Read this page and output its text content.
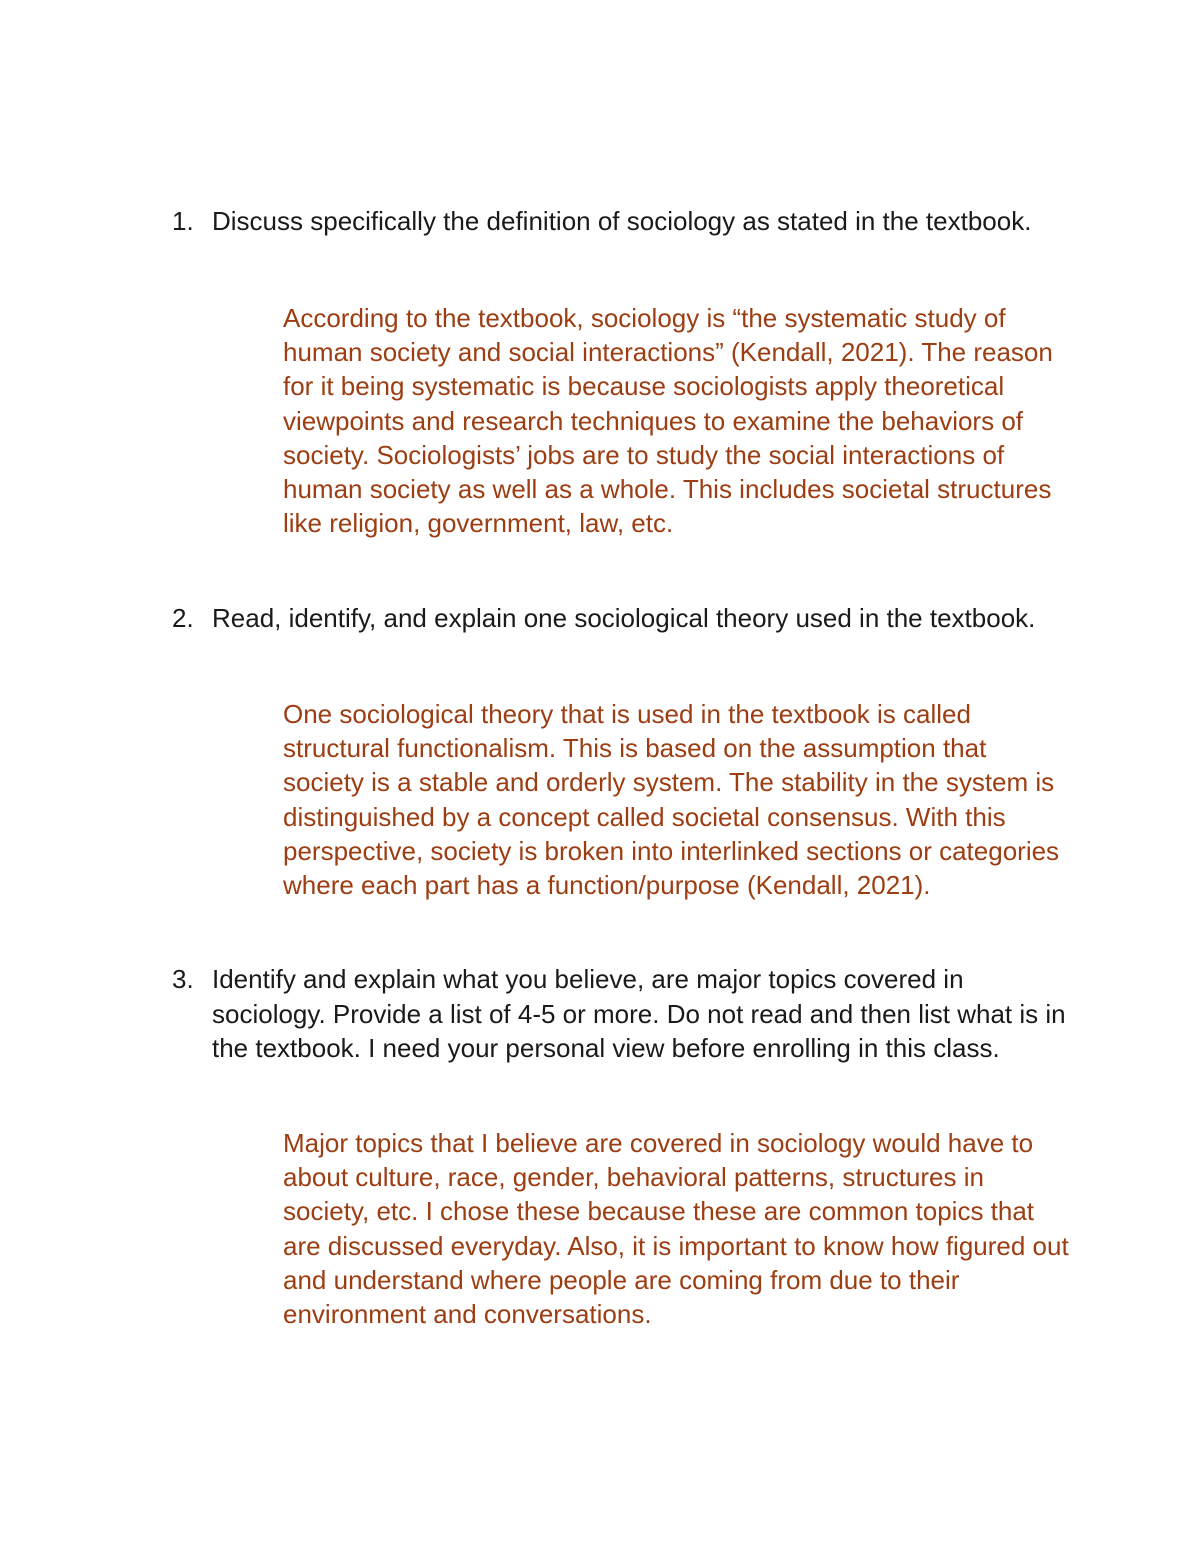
1. Discuss specifically the definition of sociology as stated in the textbook.

According to the textbook, sociology is “the systematic study of human society and social interactions” (Kendall, 2021). The reason for it being systematic is because sociologists apply theoretical viewpoints and research techniques to examine the behaviors of society. Sociologists’ jobs are to study the social interactions of human society as well as a whole. This includes societal structures like religion, government, law, etc.

2. Read, identify, and explain one sociological theory used in the textbook.

One sociological theory that is used in the textbook is called structural functionalism. This is based on the assumption that society is a stable and orderly system. The stability in the system is distinguished by a concept called societal consensus. With this perspective, society is broken into interlinked sections or categories where each part has a function/purpose (Kendall, 2021).

3. Identify and explain what you believe, are major topics covered in sociology. Provide a list of 4-5 or more. Do not read and then list what is in the textbook. I need your personal view before enrolling in this class.

Major topics that I believe are covered in sociology would have to about culture, race, gender, behavioral patterns, structures in society, etc. I chose these because these are common topics that are discussed everyday. Also, it is important to know how figured out and understand where people are coming from due to their environment and conversations.
